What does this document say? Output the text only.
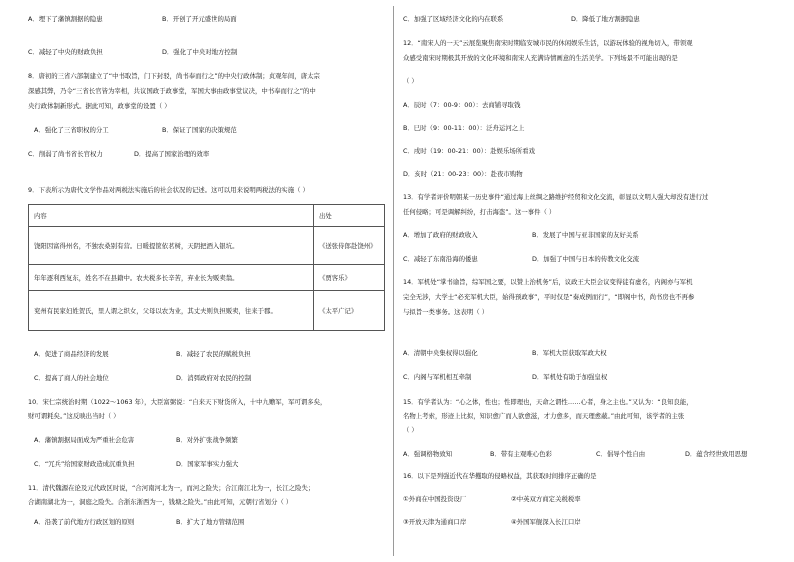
A．埋下了藩镇割据的隐患	B．开创了开元盛世的局面
C．减轻了中央的财政负担	D．强化了中央对地方控制
8．唐初的三省六部制建立了“中书取旨，门下封驳，尚书奉而行之”的中央行政体制；贞观年间，唐太宗
深感其弊，乃令“三省长官皆为宰相，共议国政于政事堂，军国大事由政事堂议决，中书奉而行之”的中
央行政体制新形式。据此可知，政事堂的设置（ ）
A．强化了三省职权的分工	B．保证了国家的决策规范
C．削弱了尚书省长官权力	D．提高了国家治理的效率
9．下表所示为唐代文学作品对两税法实施后的社会状况的记述。这可以用来说明两税法的实施（ ）
内容	出处
饶阳因富得州名，不独农桑别有营。日暖提筐依茗树，天阴把酒入银坑。	《送张侍郎赴饶州》
年年逐利西复东，姓名不在县籍中。农夫税多长辛苦，弃业长为贩卖翁。	《贾客乐》
兖州有民家妇姓贺氏，里人谓之织女，父母以农为业，其丈夫则负担贩卖，往来于郡。	《太平广记》
A．促进了商品经济的发展	B．减轻了农民的赋税负担
C．提高了商人的社会地位	D．消弭政府对农民的控制
10．宋仁宗统治时期（1022～1063 年），大臣富弼说：“自来天下财货所入，十中九赡军，军可谓多矣，
财可谓耗矣。”这反映出当时（ ）
A．藩镇割据局面成为严重社会危害	B．对外扩张战争频繁
C．“冗兵”给国家财政造成沉重负担	D．国家军事实力强大
11．清代魏源在论及元代政区时说，“合河南河北为一，而河之险失；合江南江北为一，长江之险失；
合湖南湖北为一，洞庭之险失。合浙东浙西为一，钱塘之险失。”由此可知，元朝行省划分（ ）
A．沿袭了前代地方行政区划的原则	B．扩大了地方管辖范围
C．加强了区域经济文化的内在联系	D．降低了地方割据隐患
12．“南宋人的一天”云展览聚焦南宋时期临安城市民的休闲娱乐生活，以游玩体验的视角切入，带领观
众感受南宋时期极其开放的文化环境和南宋人充满诗情画意的生活美学。下列场景不可能出现的是
（ ）
A．辰时（7：00-9：00）：去商铺寻取钱
B．巳时（9：00-11：00）：泛舟运河之上
C．戌时（19：00-21：00）：赴娱乐场所看戏
D．亥时（21：00-23：00）：赴夜市购物
13．有学者评价明朝某一历史事件“通过海上丝绸之路维护经贸和文化交流，彰显以文明人强大却没有进行过
任何侵略；可是调解纠纷，打击海盗”。这一事件（ ）
A．增加了政府的财政收入	B．发展了中国与亚非国家的友好关系
C．减轻了东南沿海的倭患	D．加强了中国与日本的传教文化交流
14．军机处“掌书谕旨，综军国之要，以赞上治机务”后，议政王大臣会议变得徒有虚名，内阁亦与军机
完全无涉，大学士“必充军机大臣，始得预政事”，平时仅是“奏成例而行”，“即阁中书，尚书房也不再参
与拟旨一类事务。这表明（ ）
A．清朝中央集权得以强化	B．军机大臣获取军政大权
C．内阁与军机相互牵制	D．军机处有助于加强皇权
15．有学者认为：“心之体，性也；性即理也，天命之谓性……心者，身之主也。”又认为：“良知良能，
名物上考索，形迹上比拟，知识愈广而人欲愈滋，才力愈多，而天理愈蔽。”由此可知，该学者的主张
（ ）
A．强调格物致知	B．带有主观唯心色彩	C．倡导个性自由	D．蕴含经世致用思想
16．以下是列强近代在华攫取的侵略权益，其获取时间排序正确的是
①外商在中国投资设厂	②中英双方商定关税税率
③开放天津为通商口岸	④外国军舰深入长江口岸
